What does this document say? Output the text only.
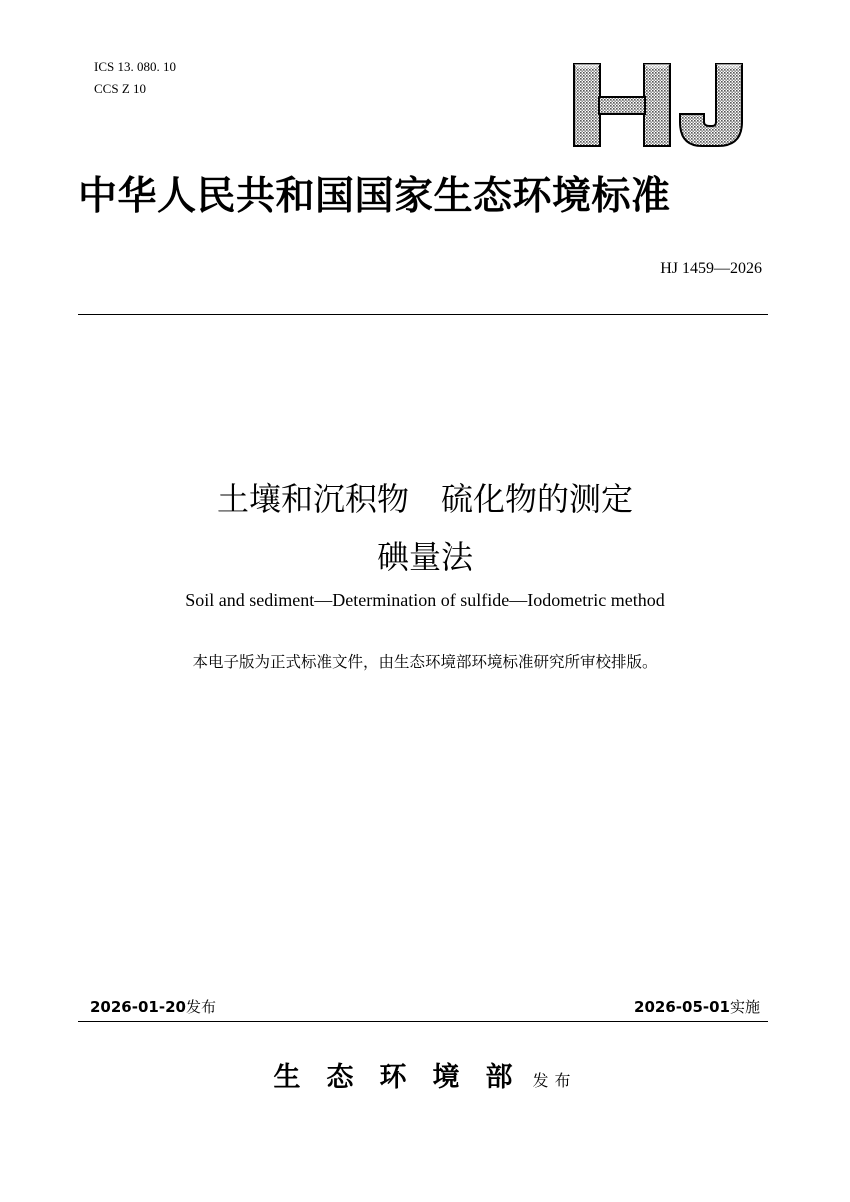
ICS 13. 080. 10
CCS Z 10
中华人民共和国国家生态环境标准
HJ 1459—2026
土壤和沉积物　硫化物的测定
碘量法
Soil and sediment—Determination of sulfide—Iodometric method
本电子版为正式标准文件，由生态环境部环境标准研究所审校排版。
2026-01-20发布	2026-05-01实施
生态环境部发布
